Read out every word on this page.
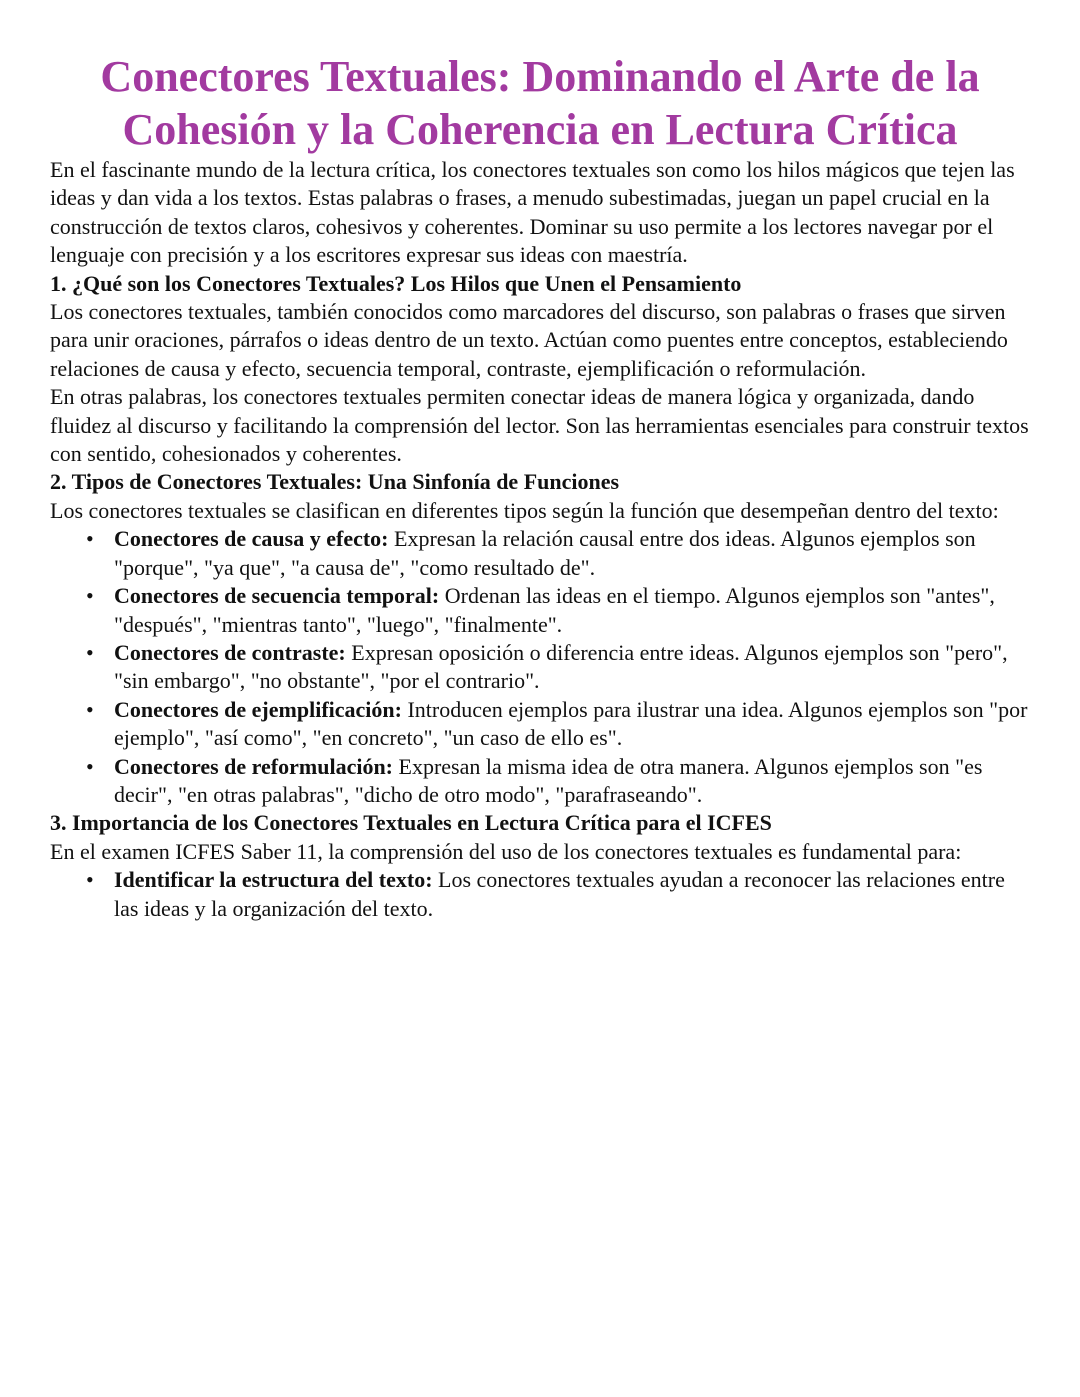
Conectores Textuales: Dominando el Arte de la Cohesión y la Coherencia en Lectura Crítica

En el fascinante mundo de la lectura crítica, los conectores textuales son como los hilos mágicos que tejen las ideas y dan vida a los textos. Estas palabras o frases, a menudo subestimadas, juegan un papel crucial en la construcción de textos claros, cohesivos y coherentes. Dominar su uso permite a los lectores navegar por el lenguaje con precisión y a los escritores expresar sus ideas con maestría.

1. ¿Qué son los Conectores Textuales? Los Hilos que Unen el Pensamiento

Los conectores textuales, también conocidos como marcadores del discurso, son palabras o frases que sirven para unir oraciones, párrafos o ideas dentro de un texto. Actúan como puentes entre conceptos, estableciendo relaciones de causa y efecto, secuencia temporal, contraste, ejemplificación o reformulación.

En otras palabras, los conectores textuales permiten conectar ideas de manera lógica y organizada, dando fluidez al discurso y facilitando la comprensión del lector. Son las herramientas esenciales para construir textos con sentido, cohesionados y coherentes.

2. Tipos de Conectores Textuales: Una Sinfonía de Funciones

Los conectores textuales se clasifican en diferentes tipos según la función que desempeñan dentro del texto:

• Conectores de causa y efecto: Expresan la relación causal entre dos ideas. Algunos ejemplos son "porque", "ya que", "a causa de", "como resultado de".
• Conectores de secuencia temporal: Ordenan las ideas en el tiempo. Algunos ejemplos son "antes", "después", "mientras tanto", "luego", "finalmente".
• Conectores de contraste: Expresan oposición o diferencia entre ideas. Algunos ejemplos son "pero", "sin embargo", "no obstante", "por el contrario".
• Conectores de ejemplificación: Introducen ejemplos para ilustrar una idea. Algunos ejemplos son "por ejemplo", "así como", "en concreto", "un caso de ello es".
• Conectores de reformulación: Expresan la misma idea de otra manera. Algunos ejemplos son "es decir", "en otras palabras", "dicho de otro modo", "parafraseando".
3. Importancia de los Conectores Textuales en Lectura Crítica para el ICFES

En el examen ICFES Saber 11, la comprensión del uso de los conectores textuales es fundamental para:

• Identificar la estructura del texto: Los conectores textuales ayudan a reconocer las relaciones entre las ideas y la organización del texto.
